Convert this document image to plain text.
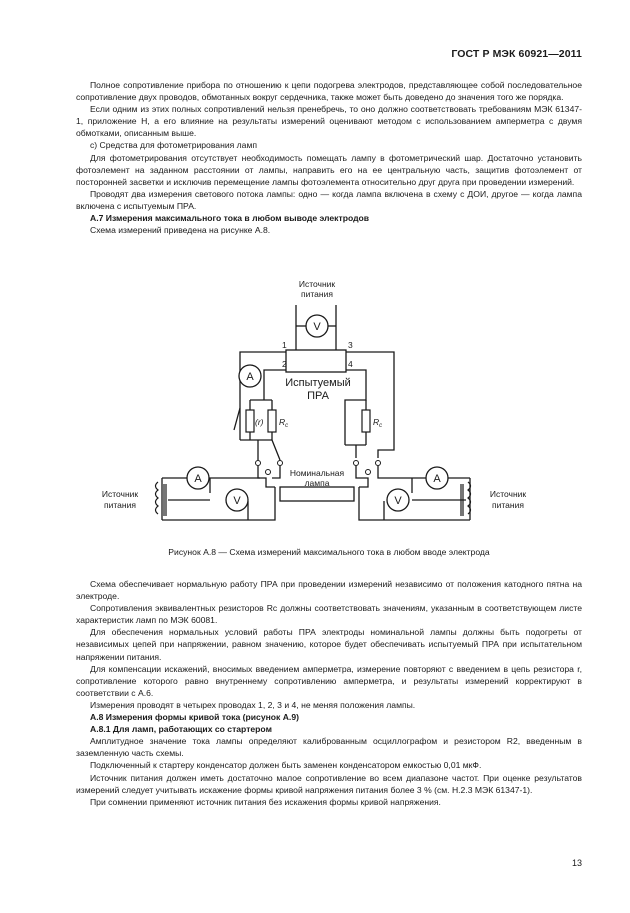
ГОСТ Р МЭК 60921—2011

Полное сопротивление прибора по отношению к цепи подогрева электродов, представляющее собой последовательное сопротивление двух проводов, обмотанных вокруг сердечника, также может быть доведено до значения того же порядка.

Если одним из этих полных сопротивлений нельзя пренебречь, то оно должно соответствовать требованиям МЭК 61347-1, приложение Н, а его влияние на результаты измерений оценивают методом с использованием амперметра с двумя обмотками, описанным выше.

c) Средства для фотометрирования ламп

Для фотометрирования отсутствует необходимость помещать лампу в фотометрический шар. Достаточно установить фотоэлемент на заданном расстоянии от лампы, направить его на ее центральную часть, защитив фотоэлемент от посторонней засветки и исключив перемещение лампы фотоэлемента относительно друг друга при проведении измерений.

Проводят два измерения светового потока лампы: одно — когда лампа включена в схему с ДОИ, другое — когда лампа включена с испытуемым ПРА.

А.7 Измерения максимального тока в любом выводе электродов

Схема измерений приведена на рисунке А.8.

V
A
A
V	V
A
Источник
питания
Источник
питания
Источник
питания
Номинальная
лампа
Испытуемый
ПРА
1
2
3
4
(r) $R_c$	$R_c$
Рисунок А.8 — Схема измерений максимального тока в любом вводе электрода

Схема обеспечивает нормальную работу ПРА при проведении измерений независимо от положения катодного пятна на электроде.

Сопротивления эквивалентных резисторов Rc должны соответствовать значениям, указанным в соответствующем листе характеристик ламп по МЭК 60081.

Для обеспечения нормальных условий работы ПРА электроды номинальной лампы должны быть подогреты от независимых цепей при напряжении, равном значению, которое будет обеспечивать испытуемый ПРА при испытательном напряжении питания.

Для компенсации искажений, вносимых введением амперметра, измерение повторяют с введением в цепь резистора r, сопротивление которого равно внутреннему сопротивлению амперметра, и результаты измерений корректируют в соответствии с А.6.

Измерения проводят в четырех проводах 1, 2, 3 и 4, не меняя положения лампы.

А.8 Измерения формы кривой тока (рисунок А.9)

А.8.1 Для ламп, работающих со стартером

Амплитудное значение тока лампы определяют калиброванным осциллографом и резистором R2, введенным в заземленную часть схемы.

Подключенный к стартеру конденсатор должен быть заменен конденсатором емкостью 0,01 мкФ.

Источник питания должен иметь достаточно малое сопротивление во всем диапазоне частот. При оценке результатов измерений следует учитывать искажение формы кривой напряжения питания более 3 % (см. Н.2.3 МЭК 61347-1).

При сомнении применяют источник питания без искажения формы кривой напряжения.

13
